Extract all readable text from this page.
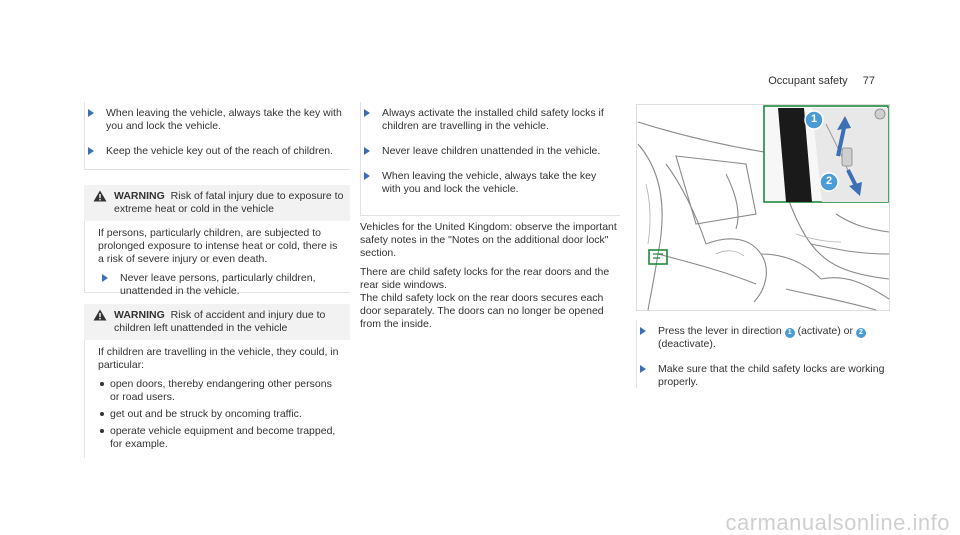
Occupant safety 77
When leaving the vehicle, always take the key with you and lock the vehicle.
Keep the vehicle key out of the reach of children.
WARNING Risk of fatal injury due to exposure to extreme heat or cold in the vehicle

If persons, particularly children, are subjected to prolonged exposure to intense heat or cold, there is a risk of severe injury or even death.

Never leave persons, particularly children, unattended in the vehicle.
WARNING Risk of accident and injury due to children left unattended in the vehicle

If children are travelling in the vehicle, they could, in particular:

open doors, thereby endangering other persons or road users.
get out and be struck by oncoming traffic.
operate vehicle equipment and become trapped, for example.
Always activate the installed child safety locks if children are travelling in the vehicle.
Never leave children unattended in the vehicle.
When leaving the vehicle, always take the key with you and lock the vehicle.

Vehicles for the United Kingdom: observe the important safety notes in the "Notes on the additional door lock" section.

There are child safety locks for the rear doors and the rear side windows.

The child safety lock on the rear doors secures each door separately. The doors can no longer be opened from the inside.

1
2
Press the lever in direction 1 (activate) or 2 (deactivate).
Make sure that the child safety locks are working properly.
carmanualsonline.info
